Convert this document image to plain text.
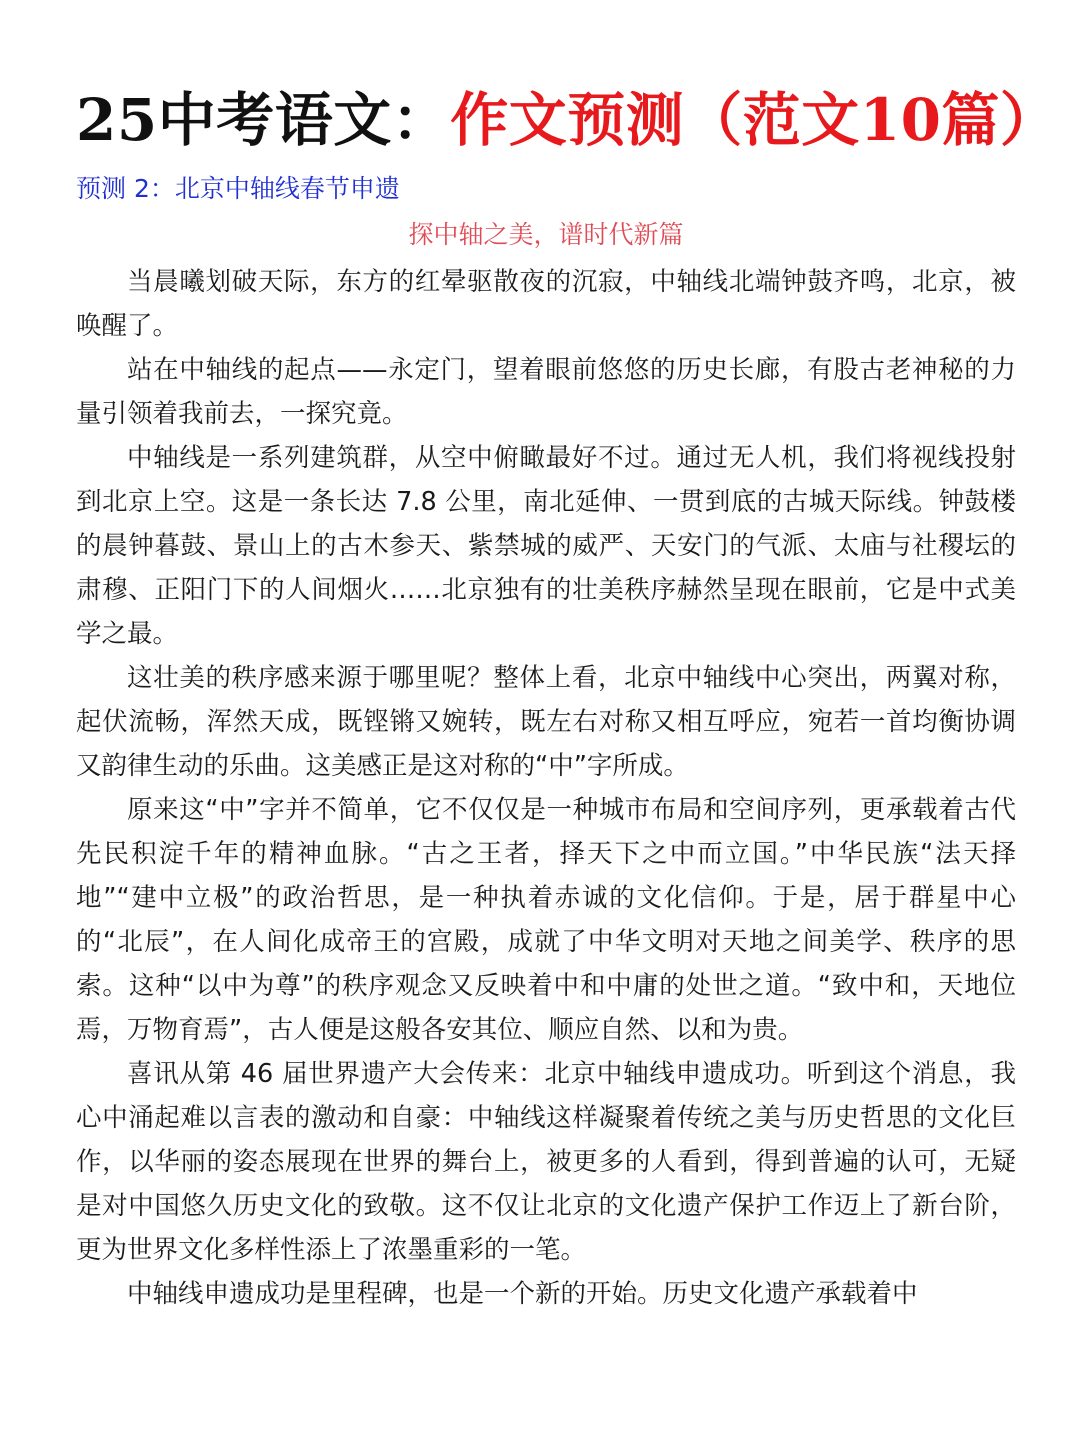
25中考语文：作文预测（范文10篇）
预测 2：北京中轴线春节申遗
探中轴之美，谱时代新篇

当晨曦划破天际，东方的红晕驱散夜的沉寂，中轴线北端钟鼓齐鸣，北京，被唤醒了。

站在中轴线的起点——永定门，望着眼前悠悠的历史长廊，有股古老神秘的力量引领着我前去，一探究竟。

中轴线是一系列建筑群，从空中俯瞰最好不过。通过无人机，我们将视线投射到北京上空。这是一条长达 7.8 公里，南北延伸、一贯到底的古城天际线。钟鼓楼的晨钟暮鼓、景山上的古木参天、紫禁城的威严、天安门的气派、太庙与社稷坛的肃穆、正阳门下的人间烟火……北京独有的壮美秩序赫然呈现在眼前，它是中式美学之最。

这壮美的秩序感来源于哪里呢？整体上看，北京中轴线中心突出，两翼对称，起伏流畅，浑然天成，既铿锵又婉转，既左右对称又相互呼应，宛若一首均衡协调又韵律生动的乐曲。这美感正是这对称的“中”字所成。

原来这“中”字并不简单，它不仅仅是一种城市布局和空间序列，更承载着古代先民积淀千年的精神血脉。“古之王者，择天下之中而立国。”中华民族“法天择地”“建中立极”的政治哲思，是一种执着赤诚的文化信仰。于是，居于群星中心的“北辰”，在人间化成帝王的宫殿，成就了中华文明对天地之间美学、秩序的思索。这种“以中为尊”的秩序观念又反映着中和中庸的处世之道。“致中和，天地位焉，万物育焉”，古人便是这般各安其位、顺应自然、以和为贵。

喜讯从第 46 届世界遗产大会传来：北京中轴线申遗成功。听到这个消息，我心中涌起难以言表的激动和自豪：中轴线这样凝聚着传统之美与历史哲思的文化巨作，以华丽的姿态展现在世界的舞台上，被更多的人看到，得到普遍的认可，无疑是对中国悠久历史文化的致敬。这不仅让北京的文化遗产保护工作迈上了新台阶，更为世界文化多样性添上了浓墨重彩的一笔。

中轴线申遗成功是里程碑，也是一个新的开始。历史文化遗产承载着中
